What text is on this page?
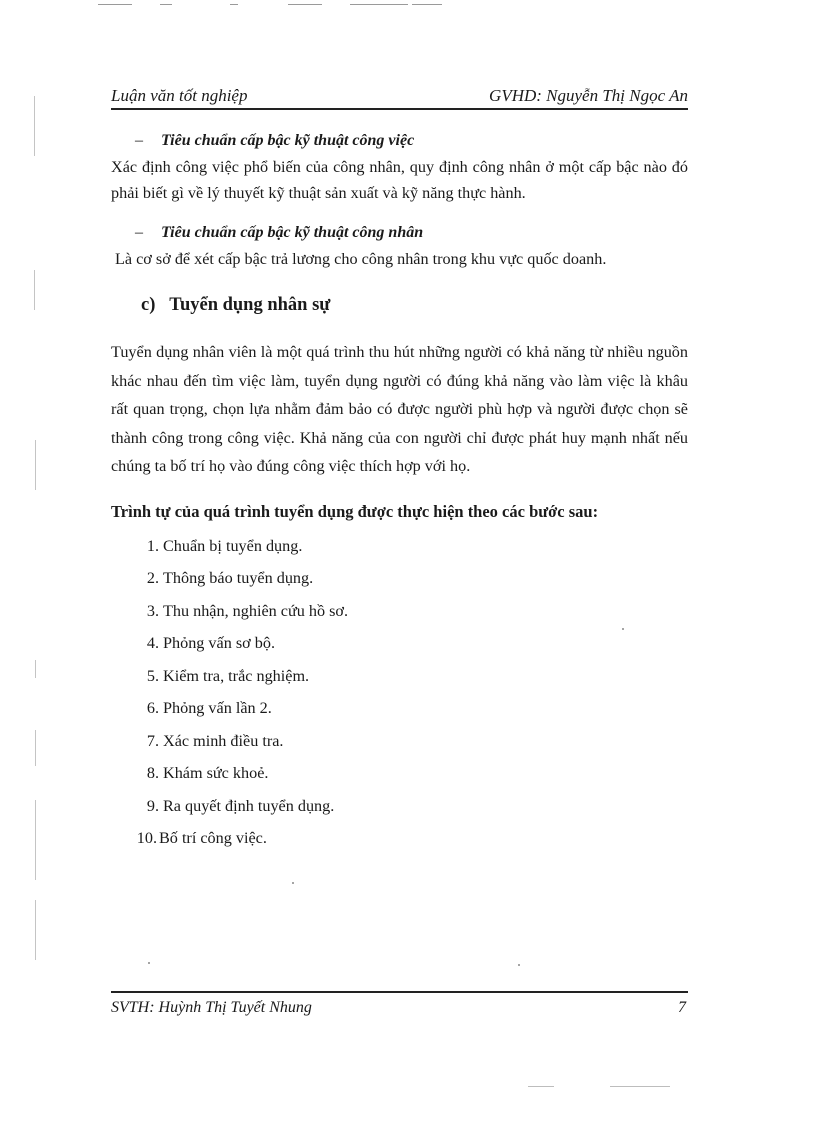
Luận văn tốt nghiệp	GVHD: Nguyễn Thị Ngọc An
– Tiêu chuẩn cấp bậc kỹ thuật công việc

Xác định công việc phổ biến của công nhân, quy định công nhân ở một cấp bậc nào đó phải biết gì về lý thuyết kỹ thuật sản xuất và kỹ năng thực hành.

– Tiêu chuẩn cấp bậc kỹ thuật công nhân

Là cơ sở để xét cấp bậc trả lương cho công nhân trong khu vực quốc doanh.

c) Tuyển dụng nhân sự

Tuyển dụng nhân viên là một quá trình thu hút những người có khả năng từ nhiều nguồn khác nhau đến tìm việc làm, tuyển dụng người có đúng khả năng vào làm việc là khâu rất quan trọng, chọn lựa nhằm đảm bảo có được người phù hợp và người được chọn sẽ thành công trong công việc. Khả năng của con người chỉ được phát huy mạnh nhất nếu chúng ta bố trí họ vào đúng công việc thích hợp với họ.

Trình tự của quá trình tuyển dụng được thực hiện theo các bước sau:
1. Chuẩn bị tuyển dụng.
2. Thông báo tuyển dụng.
3. Thu nhận, nghiên cứu hồ sơ.
4. Phỏng vấn sơ bộ.
5. Kiểm tra, trắc nghiệm.
6. Phỏng vấn lần 2.
7. Xác minh điều tra.
8. Khám sức khoẻ.
9. Ra quyết định tuyển dụng.
10. Bố trí công việc.
SVTH: Huỳnh Thị Tuyết Nhung	7
